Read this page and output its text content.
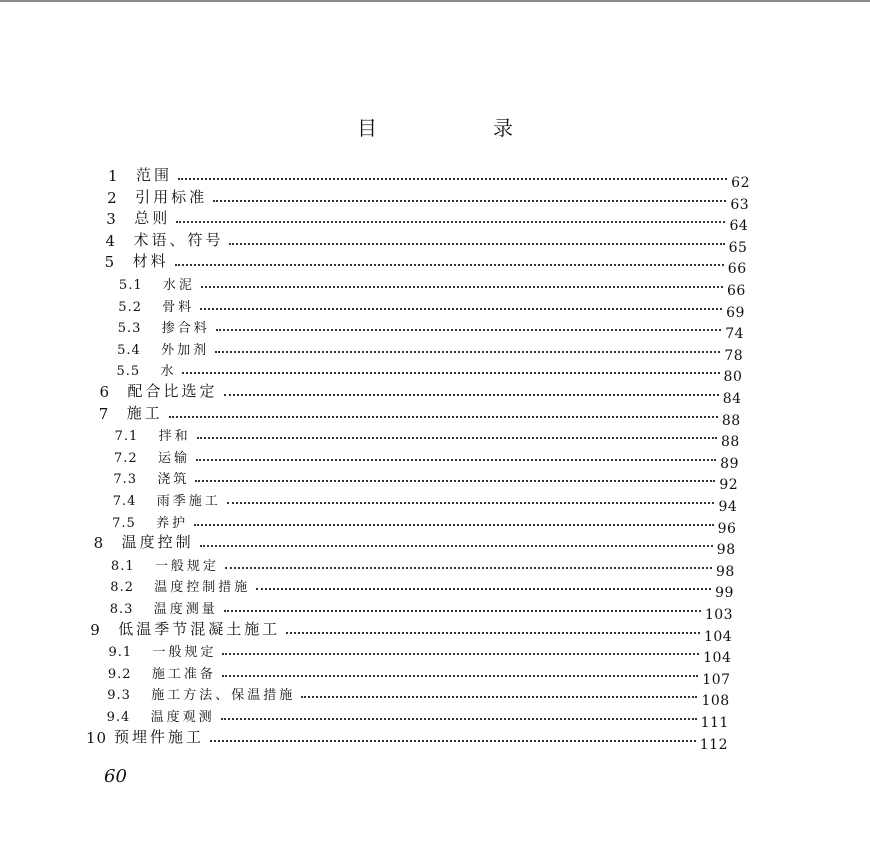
目　录
1	范围	62
2	引用标准	63
3	总则	64
4	术语、符号	65
5	材料	66
5.1	水泥	66
5.2	骨料	69
5.3	掺合料	74
5.4	外加剂	78
5.5	水	80
6	配合比选定	84
7	施工	88
7.1	拌和	88
7.2	运输	89
7.3	浇筑	92
7.4	雨季施工	94
7.5	养护	96
8	温度控制	98
8.1	一般规定	98
8.2	温度控制措施	99
8.3	温度测量	103
9	低温季节混凝土施工	104
9.1	一般规定	104
9.2	施工准备	107
9.3	施工方法、保温措施	108
9.4	温度观测	111
10 预埋件施工	112
60
